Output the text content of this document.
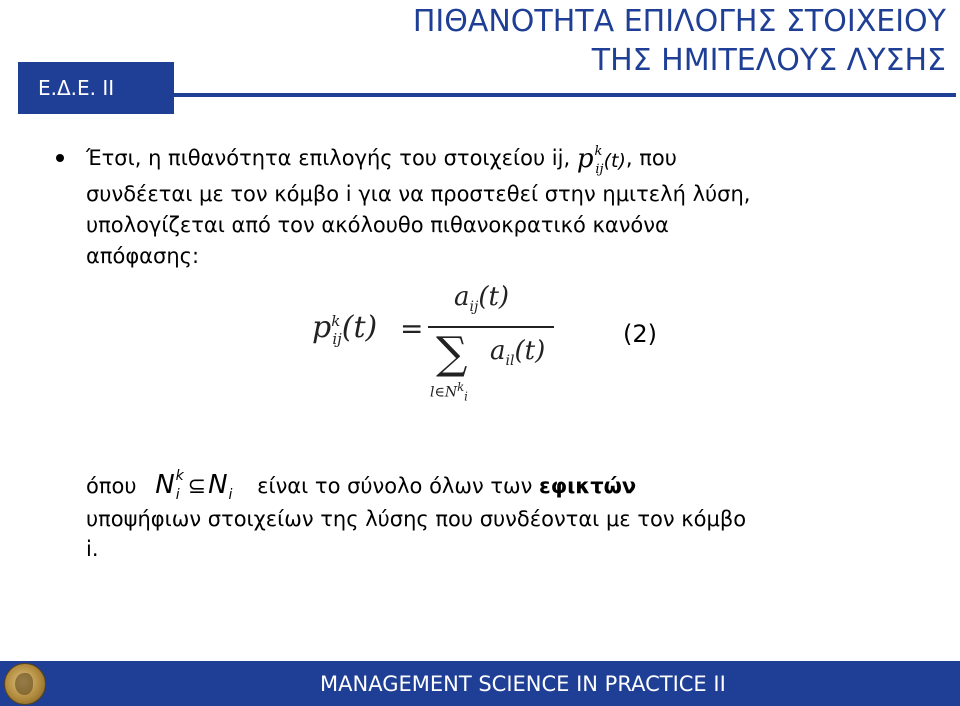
Ε.Δ.Ε. ΙΙ
ΠΙΘΑΝΟΤΗΤΑ ΕΠΙΛΟΓΗΣ ΣΤΟΙΧΕΙΟΥ
ΤΗΣ ΗΜΙΤΕΛΟΥΣ ΛΥΣΗΣ
Έτσι, η πιθανότητα επιλογής του στοιχείου ij, $p^k_{ij}(t)$, που
συνδέεται με τον κόμβο i για να προστεθεί στην ημιτελή λύση,
υπολογίζεται από τον ακόλουθο πιθανοκρατικό κανόνα
απόφασης:
$p^k_{ij}(t)$ =
$a_{ij}(t)$
∑ $a_{il}(t)$
$l\in N^k_i$
(2)
όπου $N^k_i$ $⊆N_i$ είναι το σύνολο όλων των εφικτών
υποψήφιων στοιχείων της λύσης που συνδέονται με τον κόμβο
i.
MANAGEMENT SCIENCE IN PRACTICE II
